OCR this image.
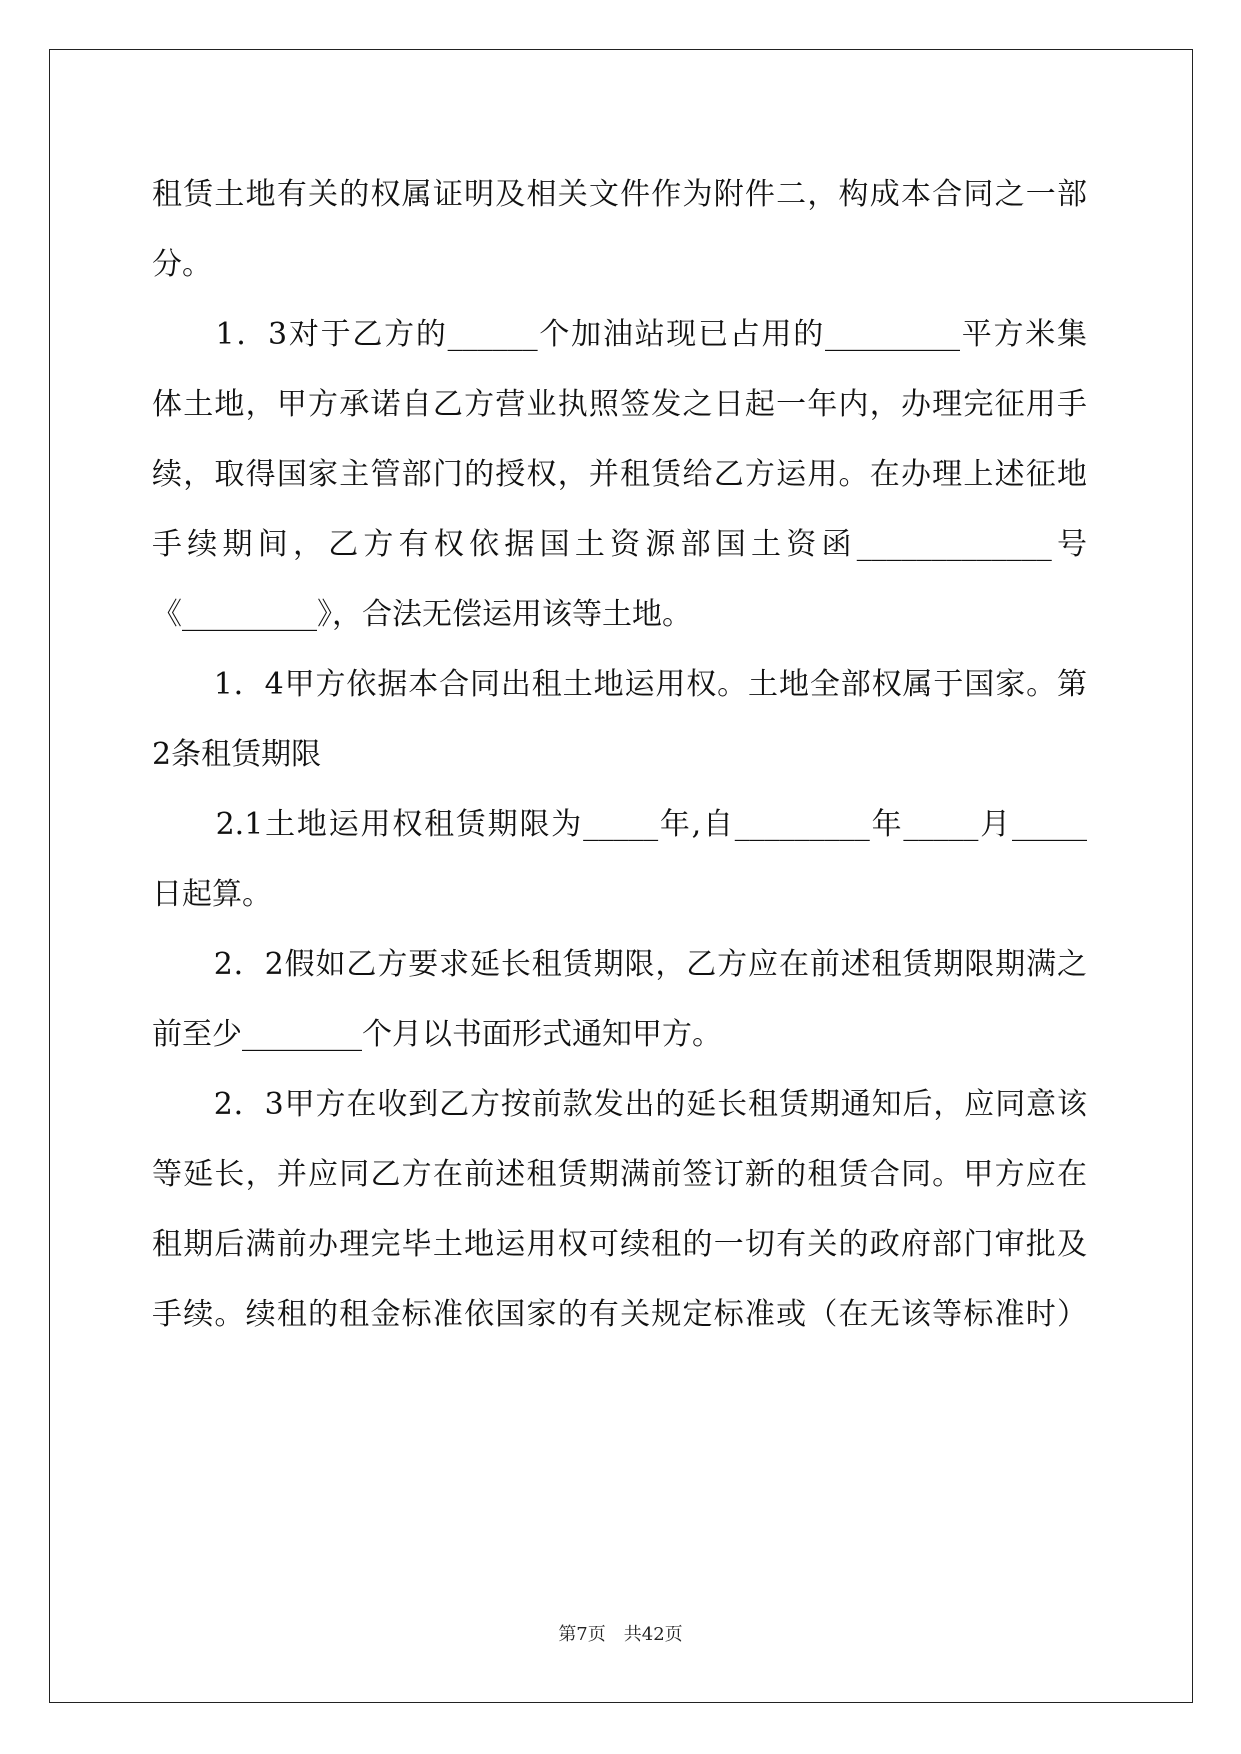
租赁土地有关的权属证明及相关文件作为附件二，构成本合同之一部
分。
　　1．3对于乙方的______个加油站现已占用的_________平方米集
体土地，甲方承诺自乙方营业执照签发之日起一年内，办理完征用手
续，取得国家主管部门的授权，并租赁给乙方运用。在办理上述征地
手续期间，乙方有权依据国土资源部国土资函_____________号
《_________》，合法无偿运用该等土地。
　　1．4甲方依据本合同出租土地运用权。土地全部权属于国家。第
2条租赁期限
　　2.1土地运用权租赁期限为_____年,自_________年_____月_____
日起算。
　　2．2假如乙方要求延长租赁期限，乙方应在前述租赁期限期满之
前至少________个月以书面形式通知甲方。
　　2．3甲方在收到乙方按前款发出的延长租赁期通知后，应同意该
等延长，并应同乙方在前述租赁期满前签订新的租赁合同。甲方应在
租期后满前办理完毕土地运用权可续租的一切有关的政府部门审批及
手续。续租的租金标准依国家的有关规定标准或（在无该等标准时）
第7页　共42页
